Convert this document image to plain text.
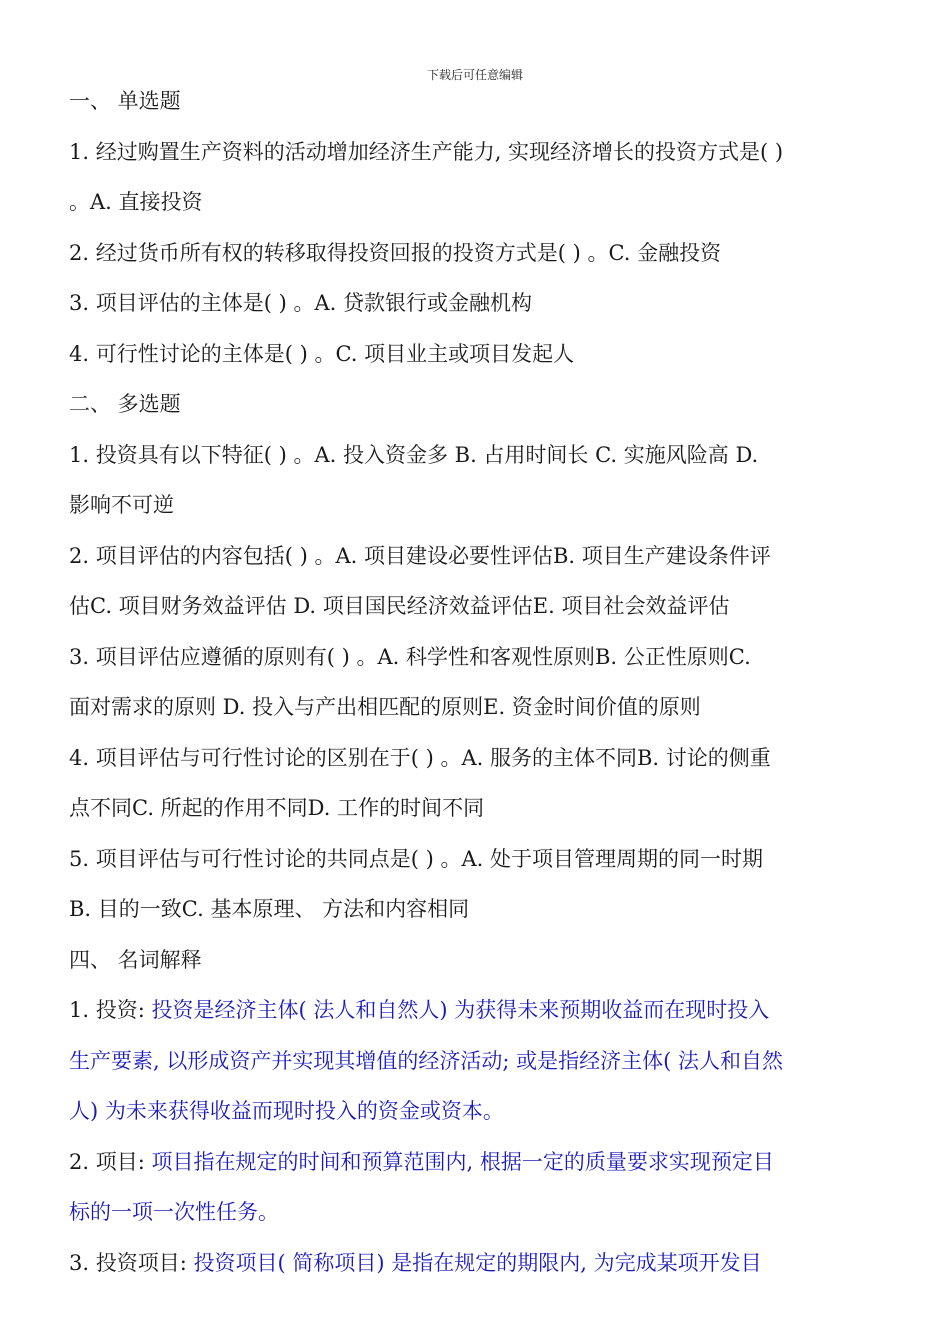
下载后可任意编辑
一、 单选题
1. 经过购置生产资料的活动增加经济生产能力, 实现经济增长的投资方式是( )
。A. 直接投资
2. 经过货币所有权的转移取得投资回报的投资方式是( ) 。C. 金融投资
3. 项目评估的主体是( ) 。A. 贷款银行或金融机构
4. 可行性讨论的主体是( ) 。C. 项目业主或项目发起人
二、 多选题
1. 投资具有以下特征( ) 。A. 投入资金多 B. 占用时间长 C. 实施风险高 D.
影响不可逆
2. 项目评估的内容包括( ) 。A. 项目建设必要性评估B. 项目生产建设条件评
估C. 项目财务效益评估 D. 项目国民经济效益评估E. 项目社会效益评估
3. 项目评估应遵循的原则有( ) 。A. 科学性和客观性原则B. 公正性原则C.
面对需求的原则 D. 投入与产出相匹配的原则E. 资金时间价值的原则
4. 项目评估与可行性讨论的区别在于( ) 。A. 服务的主体不同B. 讨论的侧重
点不同C. 所起的作用不同D. 工作的时间不同
5. 项目评估与可行性讨论的共同点是( ) 。A. 处于项目管理周期的同一时期
B. 目的一致C. 基本原理、 方法和内容相同
四、 名词解释
1. 投资: 投资是经济主体( 法人和自然人) 为获得未来预期收益而在现时投入
生产要素, 以形成资产并实现其增值的经济活动; 或是指经济主体( 法人和自然
人) 为未来获得收益而现时投入的资金或资本。
2. 项目: 项目指在规定的时间和预算范围内, 根据一定的质量要求实现预定目
标的一项一次性任务。
3. 投资项目: 投资项目( 简称项目) 是指在规定的期限内, 为完成某项开发目
